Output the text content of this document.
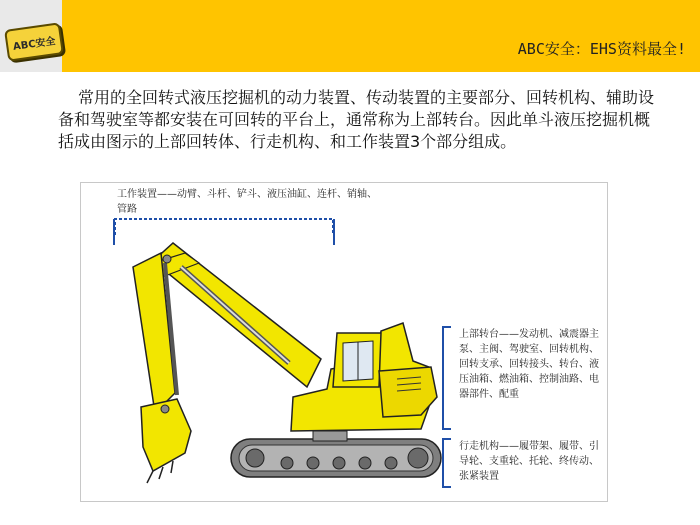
ABC安全	ABC安全：EHS资料最全!
常用的全回转式液压挖掘机的动力装置、传动装置的主要部分、回转机构、辅助设备和驾驶室等都安装在可回转的平台上，通常称为上部转台。因此单斗液压挖掘机概括成由图示的上部回转体、行走机构、和工作装置3个部分组成。
工作装置——动臂、斗杆、铲斗、液压油缸、连杆、销轴、管路
上部转台——发动机、减震器主泵、主阀、驾驶室、回转机构、回转支承、回转接头、转台、液压油箱、燃油箱、控制油路、电器部件、配重
行走机构——履带架、履带、引导轮、支重轮、托轮、终传动、张紧装置
